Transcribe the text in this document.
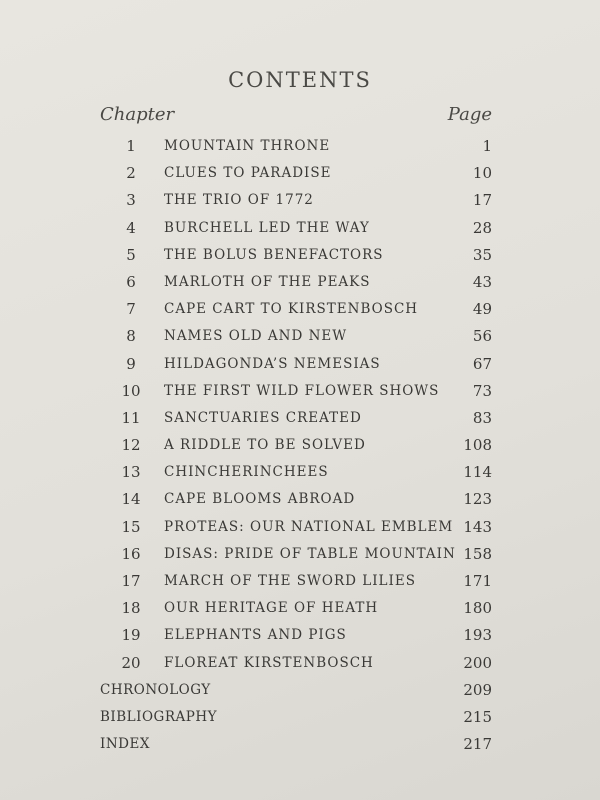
CONTENTS
Chapter	Page
1	MOUNTAIN THRONE	1
2	CLUES TO PARADISE	10
3	THE TRIO OF 1772	17
4	BURCHELL LED THE WAY	28
5	THE BOLUS BENEFACTORS	35
6	MARLOTH OF THE PEAKS	43
7	CAPE CART TO KIRSTENBOSCH	49
8	NAMES OLD AND NEW	56
9	HILDAGONDA’S NEMESIAS	67
10	THE FIRST WILD FLOWER SHOWS 73
11	SANCTUARIES CREATED	83
12	A RIDDLE TO BE SOLVED	108
13	CHINCHERINCHEES	114
14	CAPE BLOOMS ABROAD	123
15	PROTEAS: OUR NATIONAL EMBLEM 143
16	DISAS: PRIDE OF TABLE MOUNTAIN 158
17	MARCH OF THE SWORD LILIES	171
18	OUR HERITAGE OF HEATH	180
19	ELEPHANTS AND PIGS	193
20	FLOREAT KIRSTENBOSCH	200
CHRONOLOGY	209
BIBLIOGRAPHY	215
INDEX	217
